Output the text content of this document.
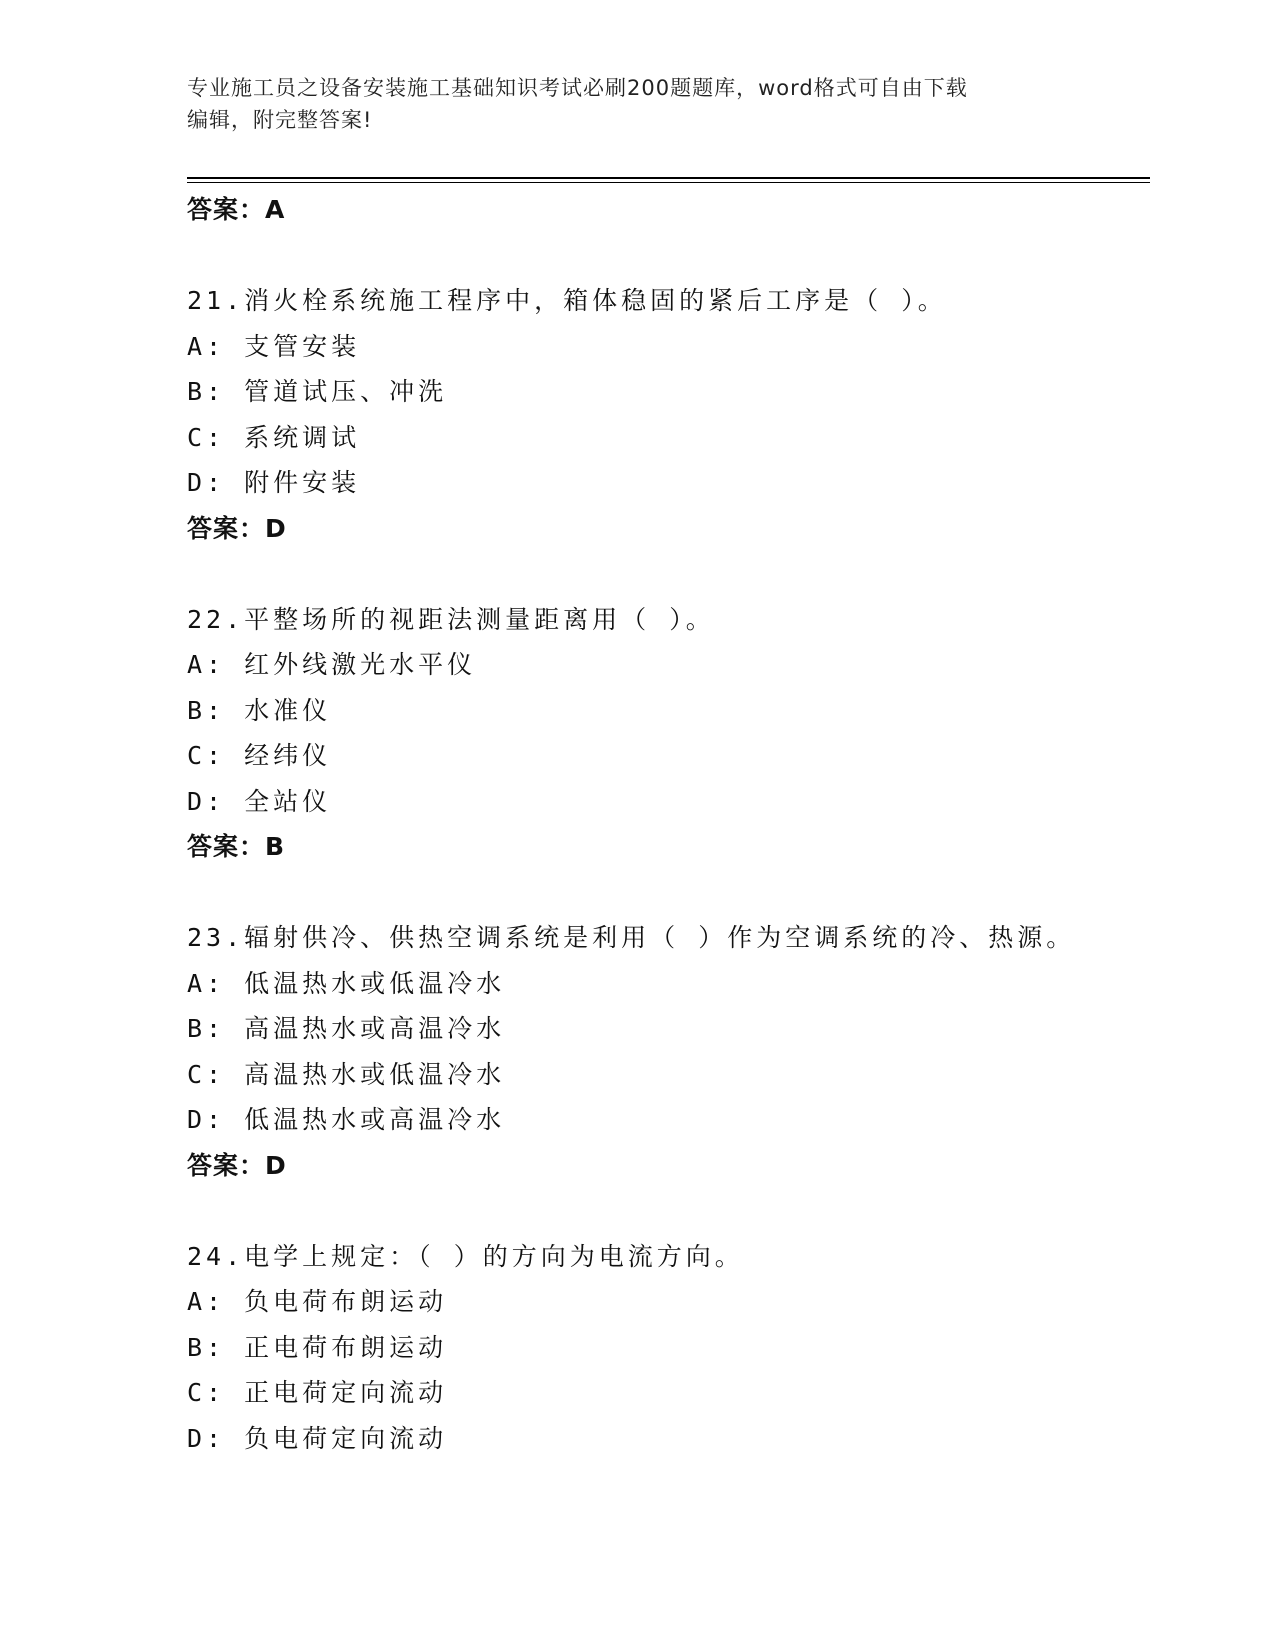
专业施工员之设备安装施工基础知识考试必刷200题题库，word格式可自由下载

编辑，附完整答案!

答案：A
21.消火栓系统施工程序中，箱体稳固的紧后工序是（ ）。
A: 支管安装
B: 管道试压、冲洗
C: 系统调试
D: 附件安装
答案：D
22.平整场所的视距法测量距离用（ ）。
A: 红外线激光水平仪
B: 水准仪
C: 经纬仪
D: 全站仪
答案：B
23.辐射供冷、供热空调系统是利用（ ）作为空调系统的冷、热源。
A: 低温热水或低温冷水
B: 高温热水或高温冷水
C: 高温热水或低温冷水
D: 低温热水或高温冷水
答案：D
24.电学上规定：（ ）的方向为电流方向。
A: 负电荷布朗运动
B: 正电荷布朗运动
C: 正电荷定向流动
D: 负电荷定向流动
